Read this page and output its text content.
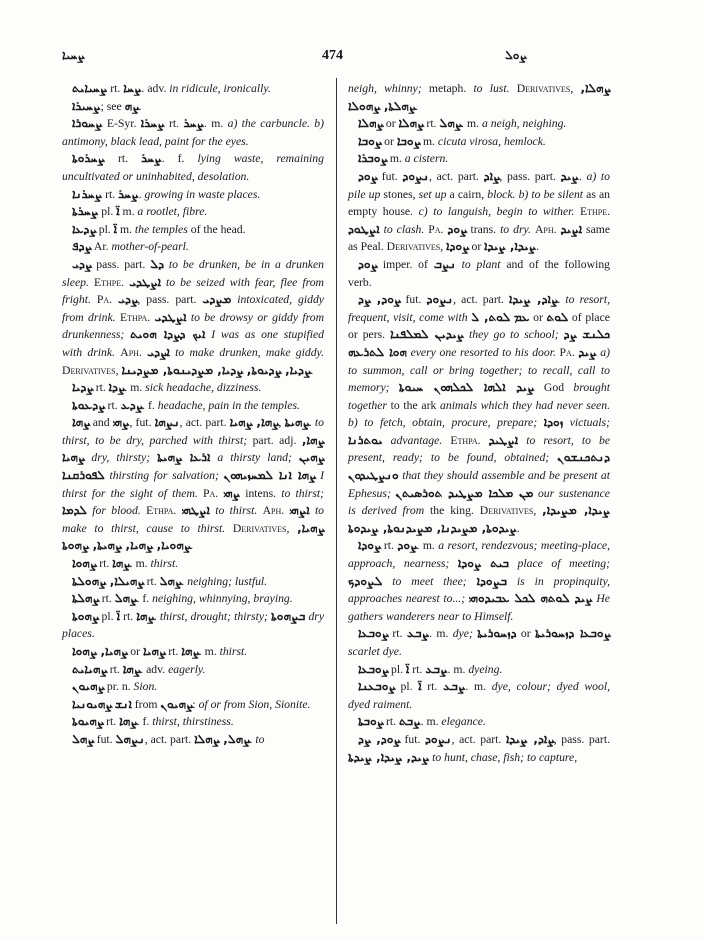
ܨܚܝܐ	474	ܨܘܠ

ܨܚܝܐܝܬ rt. ܨܚܐ. adv. in ridicule, ironically.

ܨܚܝܪܐ; see ܨܗ.

ܨܚܘܪܐ E-Syr. ܨܚܪܐ rt. ܨܚܪ. m. a) the carbuncle. b) antimony, black lead, paint for the eyes.

ܨܚܪܘܬܐ rt. ܨܚܪ. f. lying waste, remaining uncultivated or uninhabited, desolation.

ܨܚܪܢܐ rt. ܨܚܪ. growing in waste places.

ܨܚܪܬܐ pl. ܐ̈ m. a rootlet, fibre.

ܨܕܥܐ pl. ܐ̈ m. the temples of the head.

ܨܕܦ Ar. mother-of-pearl.

ܨܕܝ pass. part. ܕܠ to be drunken, be in a drunken sleep. Ethpe. ܐܨܛܕܝ to be seized with fear, flee from fright. Pa. ܨܕܝ, pass. part. ܡܨܕܝ intoxicated, giddy from drink. Ethpa. ܐܨܛܕܝ to be drowsy or giddy from drunkenness; ܐܝܟ ܕܨܕܐ ܗܘܝܬ I was as one stupified with drink. Aph. ܐܨܕܝ to make drunken, make giddy. Derivatives, ܨܕܝܐ, ܨܕܝܘܬܐ, ܨܕܝܐ, ܡܨܕܝܢܘܬܐ, ܡܨܕܝܢܐ.

ܨܕܝܐ rt. ܨܕܐ. m. sick headache, dizziness.

ܨܕܥܘܬܐ rt. ܨܕܥ. f. headache, pain in the temples.

ܨܗܐ and ܨܗܝ, fut. ܢܨܗܐ, act. part. ܨܗܐ, ܨܗܝܐ, ܨܗܝܬܐ. to thirst, to be dry, parched with thirst; part. adj. ܨܗܐ, ܨܗܝܐ dry, thirsty; ܐܪܥܐ ܨܗܝܬܐ a thirsty land; ܨܗܝܢ ܠܦܘܪܩܢܐ thirsting for salvation; ܨܗܐ ܐܢܐ ܠܡܚܙܝܗܘܢ I thirst for the sight of them. Pa. ܨܗܝ intens. to thirst; ܠܕܡܐ for blood. Ethpa. ܐܨܛܗܝ to thirst. Aph. ܐܨܗܝ to make to thirst, cause to thirst. Derivatives, ܨܗܝܐ, ܨܗܘܝܐ, ܨܗܝܐ, ܨܗܝܬܐ, ܨܗܘܬܐ.

ܨܗܘܐ rt. ܨܗܐ. m. thirst.

ܨܗܝܠܐ, ܨܗܘܠܬܐ rt. ܨܗܠ. neighing; lustful.

ܨܗܠܬܐ rt. ܨܗܠ. f. neighing, whinnying, braying.

ܨܗܘܬܐ pl. ܐ̈ rt. ܨܗܐ. thirst, drought; thirsty; ܒܨܗܘܬܐ dry places.

ܨܗܝܐ, ܨܗܘܐ or ܨܗܝܐ rt. ܨܗܐ. m. thirst.

ܨܗܝܐܝܬ rt. ܨܗܐ. adv. eagerly.

ܨܗܝܘܢ pr. n. Sion.

ܨܗܝܘܢܝܐ ܐܢܫ from ܨܗܝܘܢ: of or from Sion, Sionite.

ܨܗܝܘܬܐ rt. ܨܗܐ. f. thirst, thirstiness.

ܨܗܠ fut. ܢܨܗܠ, act. part. ܨܗܠ, ܨܗܠܐ. to

neigh, whinny; metaph. to lust. Derivatives, ܨܗܠܐ, ܨܗܠܬܐ, ܨܗܘܠܐ.

ܨܗܠܐ or ܨܗܠܐ rt. ܨܗܠ. m. a neigh, neighing.

ܨܘܒܐ or ܨܘܒܐ m. cicuta virosa, hemlock.

ܨܘܒܪܐ m. a cistern.

ܨܘܕ fut. ܢܨܘܕ, act. part. ܨܐܕ, pass. part. ܨܝܕ. a) to pile up stones, set up a cairn, block. b) to be silent as an empty house. c) to languish, begin to wither. Ethpe. ܐܨܛܘܕ to clash. Pa. ܨܘܕ trans. to dry. Aph. ܐܨܝܕ same as Peal. Derivatives, ܨܘܕܐ or ܨܝܕܐ, ܨܝܕܐ.

ܨܘܕ imper. of ܢܨܒ to plant and of the following verb.

ܨܘܕ, ܨܕ fut. ܢܨܘܕ, act. part. ܨܐܕ, ܨܝܕܐ. to resort, frequent, visit, come with ܠܘܬ, ܠ ܥܡ or ܠܘܬ of place or pers. ܨܝܕܝܢ ܠܡܠܦܢܐ they go to school; ܟܠܢܫ ܨܕ ܗܘܐ ܠܬܪܥܗ every one resorted to his door. Pa. ܨܝܕ a) to summon, call or bring together; to recall, call to memory; ܨܝܕ ܐܠܗܐ ܠܟܠܗܘܢ ܚܝܘܬܐ God brought together to the ark animals which they had never seen. b) to fetch, obtain, procure, prepare; ܙܘܕܐ victuals; ܝܘܬܪܢܐ advantage. Ethpa. ܐܨܛܝܕ to resort, to be present, ready; to be found, obtained; ܕܢܬܟܢܫܘܢ ܘܢܨܛܝܕܘܢ that they should assemble and be present at Ephesus; ܡܢ ܡܠܟܐ ܡܨܛܝܕ ܬܘܪܣܝܬܢ our sustenance is derived from the king. Derivatives, ܨܝܕܐ, ܡܨܝܕܐ, ܨܝܕܘܬܐ, ܡܨܝܕܢܐ, ܡܨܝܕܢܘܬܐ, ܨܝܕܘܬܐ.

ܨܘܕܐ rt. ܨܘܕ. m. a resort, rendezvous; meeting-place, approach, nearness; ܒܝܬ ܨܘܕܐ place of meeting; ܠܨܘܕܟ to meet thee; ܒܨܘܕܐ is in propinquity, approaches nearest to...; ܨܝܕ ܠܘܬܗ ܠܟܠ ܥܒܝܕܘܗܝ He gathers wanderers near to Himself.

ܨܘܒܥܐ rt. ܨܒܥ. m. dye; ܕܙܚܘܪܝܬܐ or ܨܘܒܥܐ ܕܙܚܘܪܝܬܐ scarlet dye.

ܨܘܒܥܐ pl. ܐ̈ rt. ܨܒܥ. m. dyeing.

ܨܘܒܥܢܐ pl. ܐ̈ rt. ܨܒܥ. m. dye, colour; dyed wool, dyed raiment.

ܨܘܒܬܐ rt. ܨܒܬ. m. elegance.

ܨܘܕ, ܨܕ fut. ܢܨܘܕ, act. part. ܨܐܕ, ܨܝܕܐ, pass. part. ܨܝܕ, ܨܝܕܐ, ܨܝܕܬܐ to hunt, chase, fish; to capture,
